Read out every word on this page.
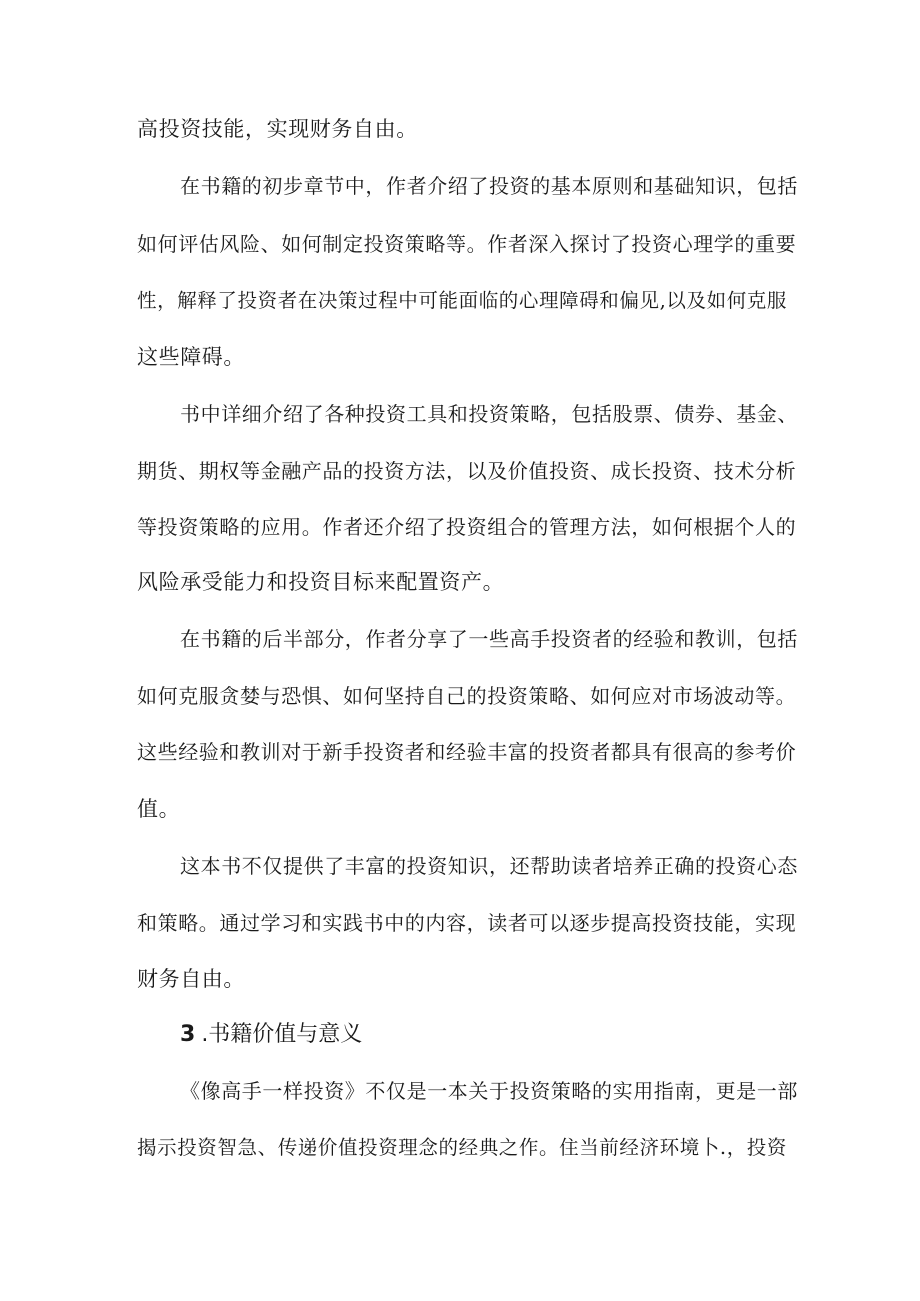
高投资技能，实现财务自由。
在书籍的初步章节中，作者介绍了投资的基本原则和基础知识，包括
如何评估风险、如何制定投资策略等。作者深入探讨了投资心理学的重要
性，解释了投资者在决策过程中可能面临的心理障碍和偏见,以及如何克服
这些障碍。
书中详细介绍了各种投资工具和投资策略，包括股票、债券、基金、
期货、期权等金融产品的投资方法，以及价值投资、成长投资、技术分析
等投资策略的应用。作者还介绍了投资组合的管理方法，如何根据个人的
风险承受能力和投资目标来配置资产。
在书籍的后半部分，作者分享了一些高手投资者的经验和教训，包括
如何克服贪婪与恐惧、如何坚持自己的投资策略、如何应对市场波动等。
这些经验和教训对于新手投资者和经验丰富的投资者都具有很高的参考价
值。
这本书不仅提供了丰富的投资知识，还帮助读者培养正确的投资心态
和策略。通过学习和实践书中的内容，读者可以逐步提高投资技能，实现
财务自由。
3 .书籍价值与意义
《像高手一样投资》不仅是一本关于投资策略的实用指南，更是一部
揭示投资智急、传递价值投资理念的经典之作。住当前经济环境卜.，投资
